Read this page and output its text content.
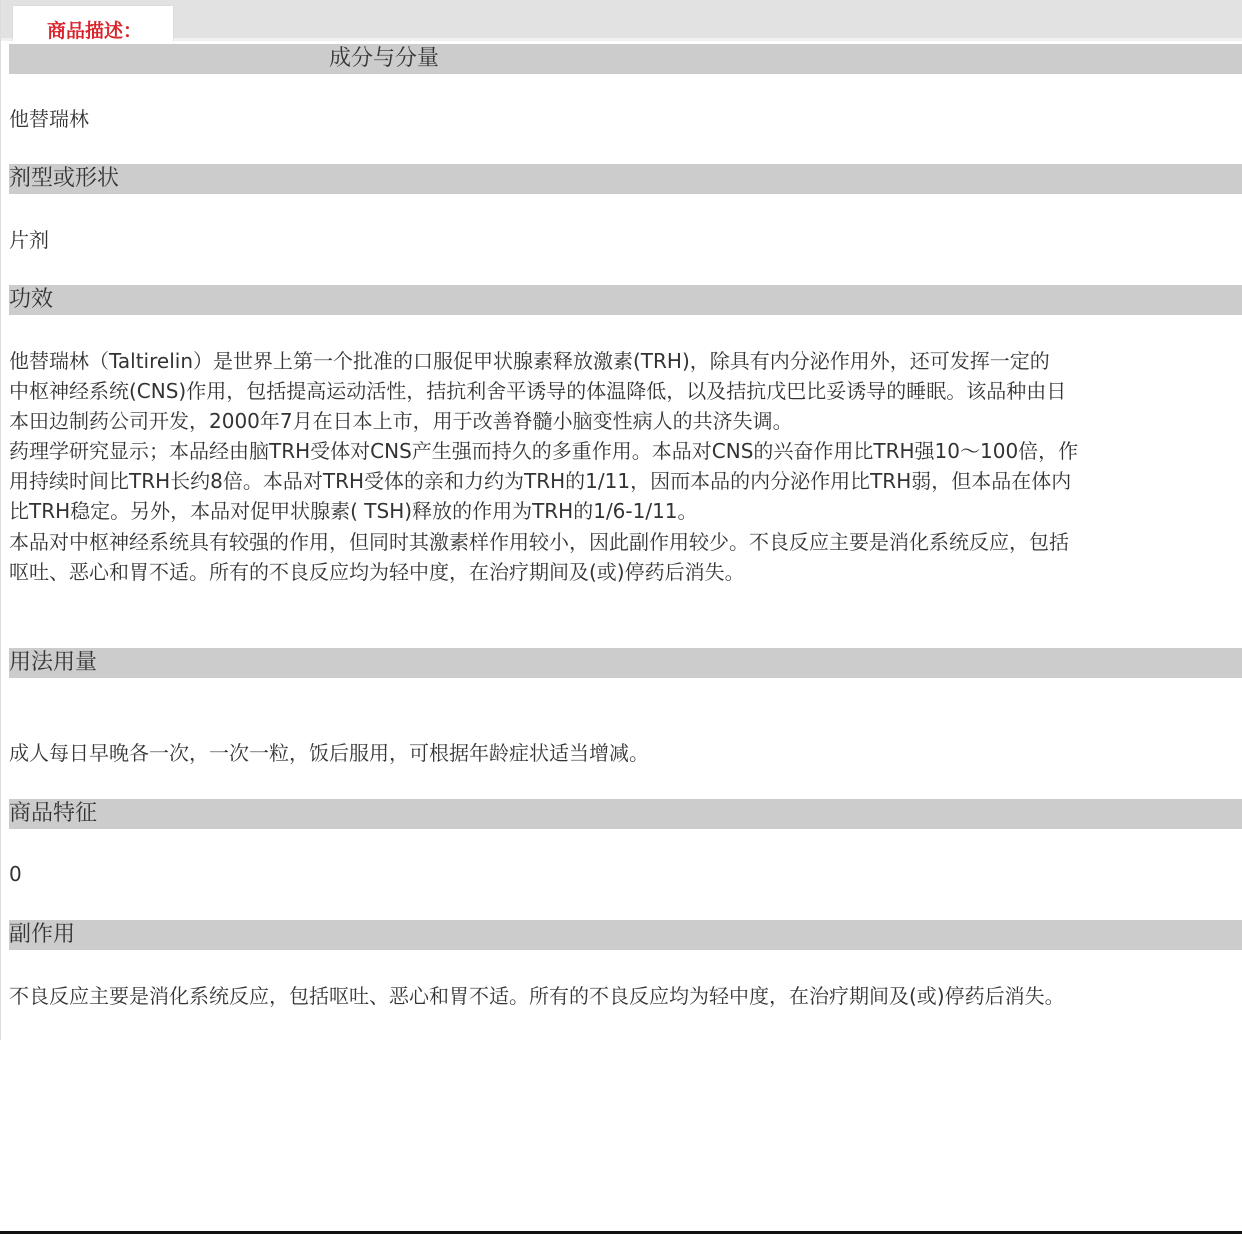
商品描述：
成分与分量
他替瑞林
剂型或形状
片剂
功效
他替瑞林（Taltirelin）是世界上第一个批准的口服促甲状腺素释放激素(TRH)，除具有内分泌作用外，还可发挥一定的
中枢神经系统(CNS)作用，包括提高运动活性，拮抗利舍平诱导的体温降低，以及拮抗戊巴比妥诱导的睡眠。该品种由日
本田边制药公司开发，2000年7月在日本上市，用于改善脊髓小脑变性病人的共济失调。
药理学研究显示；本品经由脑TRH受体对CNS产生强而持久的多重作用。本品对CNS的兴奋作用比TRH强10～100倍，作
用持续时间比TRH长约8倍。本品对TRH受体的亲和力约为TRH的1/11，因而本品的内分泌作用比TRH弱，但本品在体内
比TRH稳定。另外，本品对促甲状腺素( TSH)释放的作用为TRH的1/6-1/11。
本品对中枢神经系统具有较强的作用，但同时其激素样作用较小，因此副作用较少。不良反应主要是消化系统反应，包括
呕吐、恶心和胃不适。所有的不良反应均为轻中度，在治疗期间及(或)停药后消失。
用法用量
成人每日早晚各一次，一次一粒，饭后服用，可根据年龄症状适当增减。
商品特征
0
副作用
不良反应主要是消化系统反应，包括呕吐、恶心和胃不适。所有的不良反应均为轻中度，在治疗期间及(或)停药后消失。
